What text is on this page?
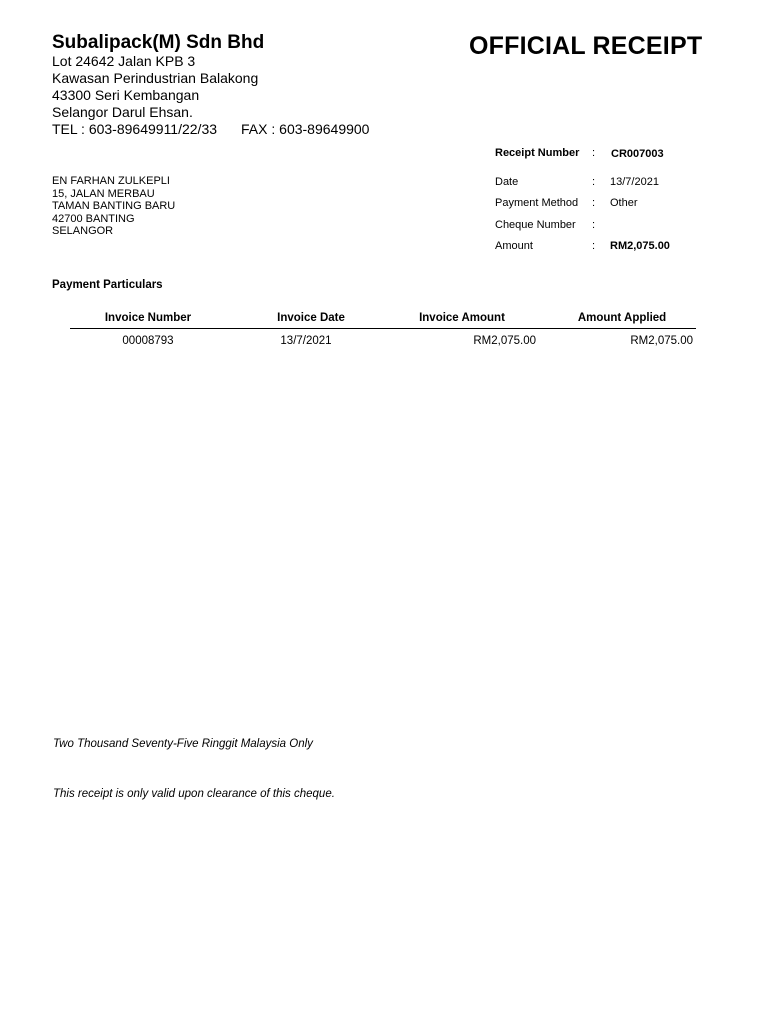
Subalipack(M) Sdn Bhd
Lot 24642 Jalan KPB 3
Kawasan Perindustrian Balakong
43300 Seri Kembangan
Selangor Darul Ehsan.
TEL : 603-89649911/22/33 FAX : 603-89649900
OFFICIAL RECEIPT
EN FARHAN ZULKEPLI
15, JALAN MERBAU
TAMAN BANTING BARU
42700 BANTING
SELANGOR
Receipt Number : CR007003
Date	: 13/7/2021
Payment Method : Other
Cheque Number :
Amount	: RM2,075.00
Payment Particulars
Invoice Number	Invoice Date	Invoice Amount	Amount Applied
00008793	13/7/2021	RM2,075.00	RM2,075.00
Two Thousand Seventy-Five Ringgit Malaysia Only
This receipt is only valid upon clearance of this cheque.
